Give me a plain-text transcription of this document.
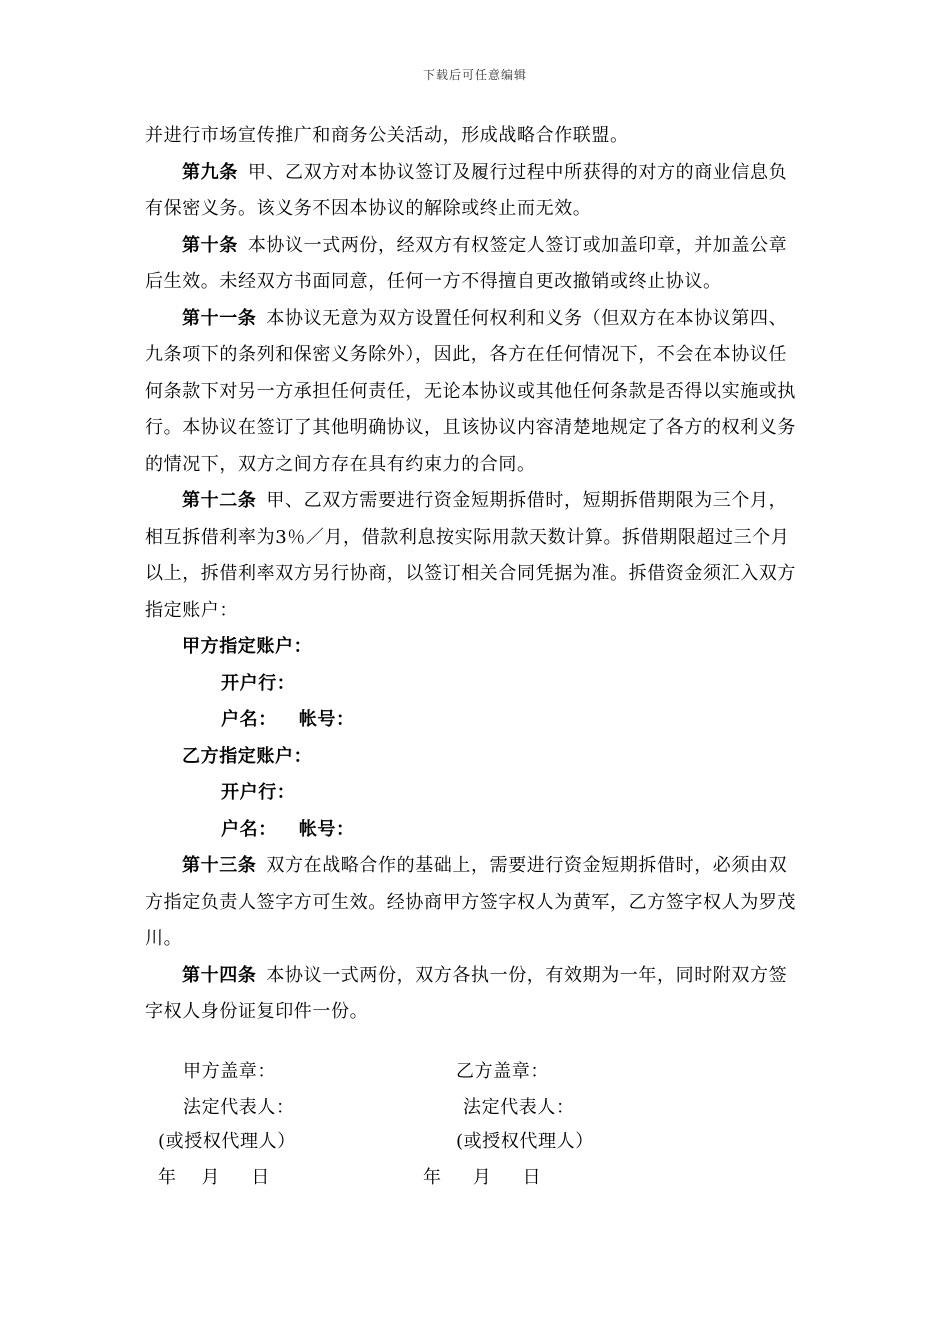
下载后可任意编辑

并进行市场宣传推广和商务公关活动，形成战略合作联盟。

第九条 甲、乙双方对本协议签订及履行过程中所获得的对方的商业信息负有保密义务。该义务不因本协议的解除或终止而无效。

第十条 本协议一式两份，经双方有权签定人签订或加盖印章，并加盖公章后生效。未经双方书面同意，任何一方不得擅自更改撤销或终止协议。

第十一条 本协议无意为双方设置任何权利和义务（但双方在本协议第四、九条项下的条列和保密义务除外），因此，各方在任何情况下，不会在本协议任何条款下对另一方承担任何责任，无论本协议或其他任何条款是否得以实施或执行。本协议在签订了其他明确协议，且该协议内容清楚地规定了各方的权利义务的情况下，双方之间方存在具有约束力的合同。

第十二条 甲、乙双方需要进行资金短期拆借时，短期拆借期限为三个月，相互拆借利率为3％／月，借款利息按实际用款天数计算。拆借期限超过三个月以上，拆借利率双方另行协商，以签订相关合同凭据为准。拆借资金须汇入双方指定账户：

甲方指定账户：

开户行：

户名： 帐号：

乙方指定账户：

开户行：

户名： 帐号：

第十三条 双方在战略合作的基础上，需要进行资金短期拆借时，必须由双方指定负责人签字方可生效。经协商甲方签字权人为黄军，乙方签字权人为罗茂川。

第十四条 本协议一式两份，双方各执一份，有效期为一年，同时附双方签字权人身份证复印件一份。

甲方盖章：	乙方盖章：
法定代表人：	法定代表人：
(或授权代理人）	(或授权代理人）
年　 月 　 日	年 　 月 　 日
